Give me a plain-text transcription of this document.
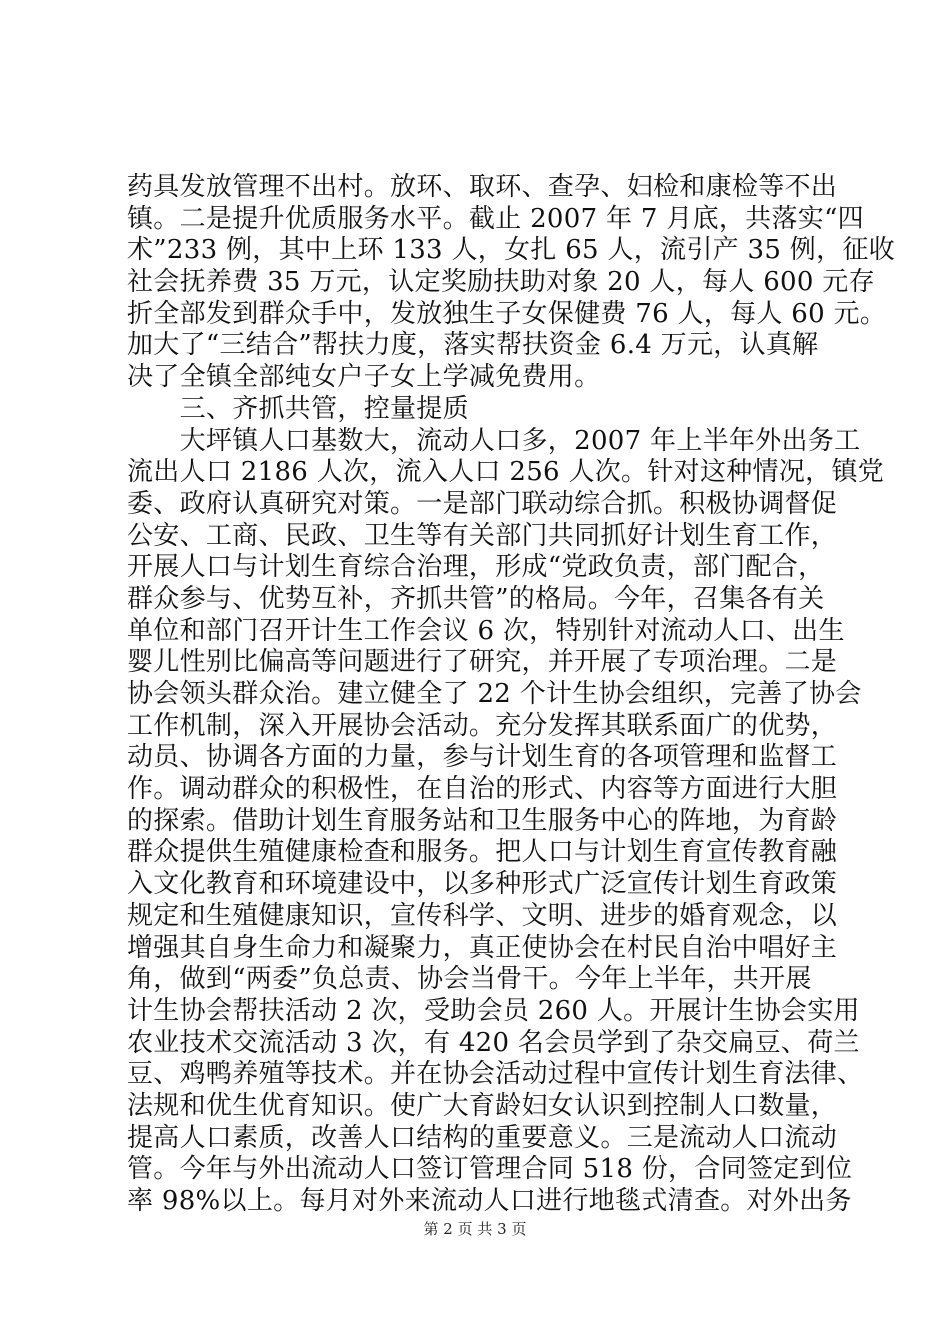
药具发放管理不出村。放环、取环、查孕、妇检和康检等不出
镇。二是提升优质服务水平。截止 2007 年 7 月底，共落实“四
术”233 例，其中上环 133 人，女扎 65 人，流引产 35 例，征收
社会抚养费 35 万元，认定奖励扶助对象 20 人，每人 600 元存
折全部发到群众手中，发放独生子女保健费 76 人，每人 60 元。
加大了“三结合”帮扶力度，落实帮扶资金 6.4 万元，认真解
决了全镇全部纯女户子女上学减免费用。
　　三、齐抓共管，控量提质
　　大坪镇人口基数大，流动人口多，2007 年上半年外出务工
流出人口 2186 人次，流入人口 256 人次。针对这种情况，镇党
委、政府认真研究对策。一是部门联动综合抓。积极协调督促
公安、工商、民政、卫生等有关部门共同抓好计划生育工作，
开展人口与计划生育综合治理，形成“党政负责，部门配合，
群众参与、优势互补，齐抓共管”的格局。今年，召集各有关
单位和部门召开计生工作会议 6 次，特别针对流动人口、出生
婴儿性别比偏高等问题进行了研究，并开展了专项治理。二是
协会领头群众治。建立健全了 22 个计生协会组织，完善了协会
工作机制，深入开展协会活动。充分发挥其联系面广的优势，
动员、协调各方面的力量，参与计划生育的各项管理和监督工
作。调动群众的积极性，在自治的形式、内容等方面进行大胆
的探索。借助计划生育服务站和卫生服务中心的阵地，为育龄
群众提供生殖健康检查和服务。把人口与计划生育宣传教育融
入文化教育和环境建设中，以多种形式广泛宣传计划生育政策
规定和生殖健康知识，宣传科学、文明、进步的婚育观念，以
增强其自身生命力和凝聚力，真正使协会在村民自治中唱好主
角，做到“两委”负总责、协会当骨干。今年上半年，共开展
计生协会帮扶活动 2 次，受助会员 260 人。开展计生协会实用
农业技术交流活动 3 次，有 420 名会员学到了杂交扁豆、荷兰
豆、鸡鸭养殖等技术。并在协会活动过程中宣传计划生育法律、
法规和优生优育知识。使广大育龄妇女认识到控制人口数量，
提高人口素质，改善人口结构的重要意义。三是流动人口流动
管。今年与外出流动人口签订管理合同 518 份，合同签定到位
率 98%以上。每月对外来流动人口进行地毯式清查。对外出务
第 2 页 共 3 页
